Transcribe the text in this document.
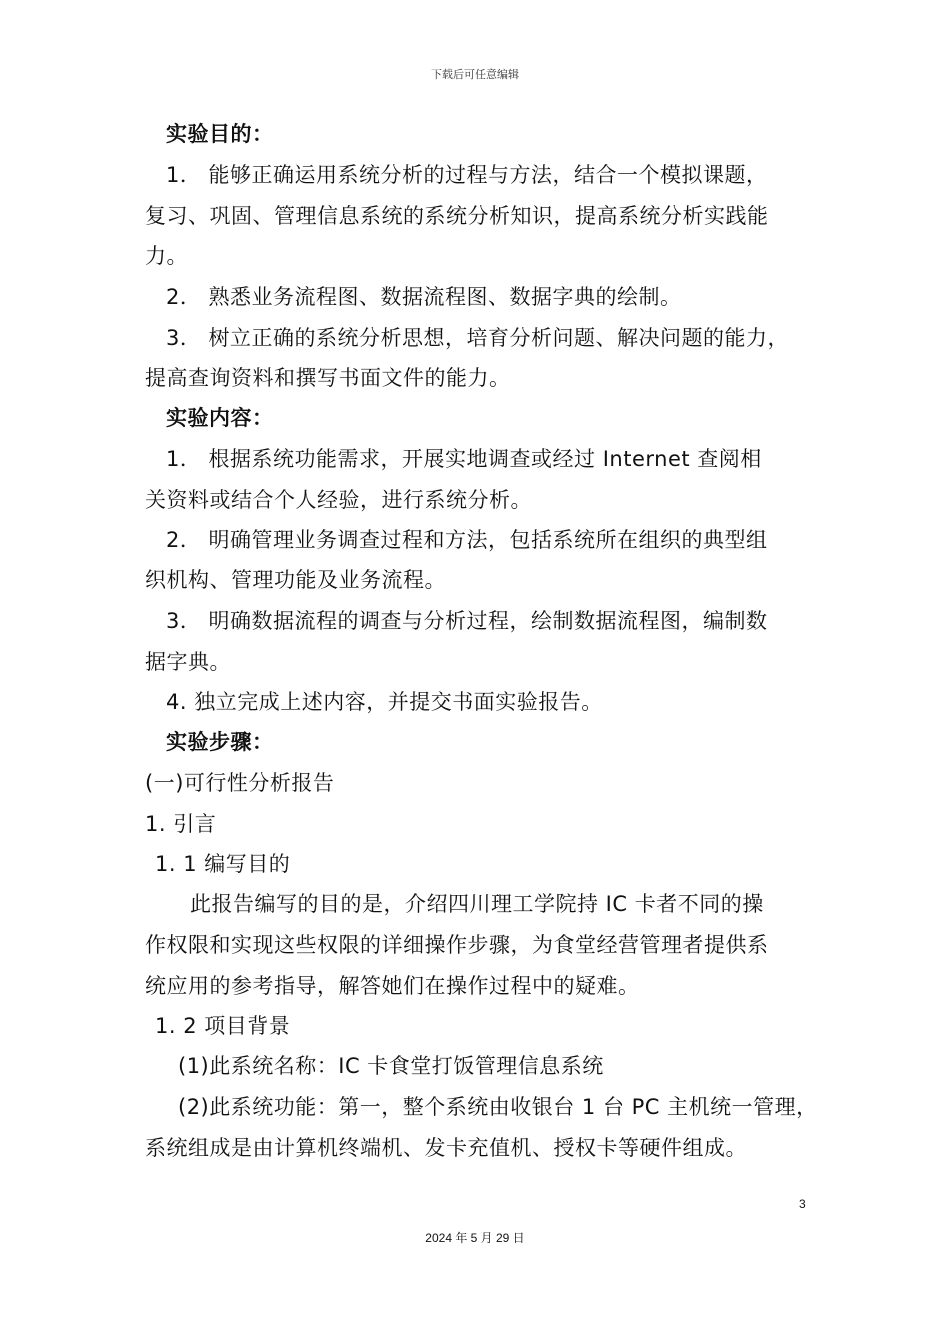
下载后可任意编辑
实验目的：
1． 能够正确运用系统分析的过程与方法，结合一个模拟课题，
复习、巩固、管理信息系统的系统分析知识，提高系统分析实践能
力。
2． 熟悉业务流程图、数据流程图、数据字典的绘制。
3． 树立正确的系统分析思想，培育分析问题、解决问题的能力，
提高查询资料和撰写书面文件的能力。
实验内容：
1． 根据系统功能需求，开展实地调查或经过 Internet 查阅相
关资料或结合个人经验，进行系统分析。
2． 明确管理业务调查过程和方法，包括系统所在组织的典型组
织机构、管理功能及业务流程。
3． 明确数据流程的调查与分析过程，绘制数据流程图，编制数
据字典。
4. 独立完成上述内容，并提交书面实验报告。
实验步骤：
(一)可行性分析报告
1. 引言
1. 1 编写目的
此报告编写的目的是，介绍四川理工学院持 IC 卡者不同的操
作权限和实现这些权限的详细操作步骤，为食堂经营管理者提供系
统应用的参考指导，解答她们在操作过程中的疑难。
1. 2 项目背景
(1)此系统名称：IC 卡食堂打饭管理信息系统
(2)此系统功能：第一，整个系统由收银台 1 台 PC 主机统一管理，
系统组成是由计算机终端机、发卡充值机、授权卡等硬件组成。
3
2024 年 5 月 29 日
